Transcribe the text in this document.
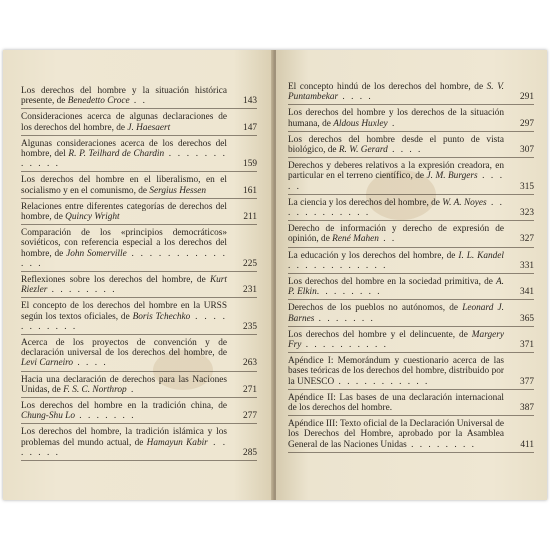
Los derechos del hombre y la situación histórica presente, de Benedetto Croce . .	143
Consideraciones acerca de algunas declaraciones de los derechos del hombre, de J. Haesaert	147
Algunas consideraciones acerca de los derechos del hombre, del R. P. Teilhard de Chardin . . . . . . . . . . . .	159
Los derechos del hombre en el liberalismo, en el socialismo y en el comunismo, de Sergius Hessen	161
Relaciones entre diferentes categorías de derechos del hombre, de Quincy Wright	211
Comparación de los «principios democráticos» soviéticos, con referencia especial a los derechos del hombre, de John Somerville . . . . . . . . . . . . . .	225
Reflexiones sobre los derechos del hombre, de Kurt Riezler . . . . . . . .	231
El concepto de los derechos del hombre en la URSS según los textos oficiales, de Boris Tchechko . . . . . . . . . . .	235
Acerca de los proyectos de convención y de declaración universal de los derechos del hombre, de Levi Carneiro . . . .	263
Hacia una declaración de derechos para las Naciones Unidas, de F. S. C. Northrop .	271
Los derechos del hombre en la tradición china, de Chung-Shu Lo . . . . . . .	277
Los derechos del hombre, la tradición islámica y los problemas del mundo actual, de Hamayun Kabir . . . . . . .	285
El concepto hindú de los derechos del hombre, de S. V. Puntambekar . . . .	291
Los derechos del hombre y los derechos de la situación humana, de Aldous Huxley .	297
Los derechos del hombre desde el punto de vista biológico, de R. W. Gerard . . . .	307
Derechos y deberes relativos a la expresión creadora, en particular en el terreno científico, de J. M. Burgers . . . . .	315
La ciencia y los derechos del hombre, de W. A. Noyes . . . . . . . . . . . .	323
Derecho de información y derecho de expresión de opinión, de René Mahen . .	327
La educación y los derechos del hombre, de I. L. Kandel . . . . . . . . . . . .	331
Los derechos del hombre en la sociedad primitiva, de A. P. Elkin. . . . . . . .	341
Derechos de los pueblos no autónomos, de Leonard J. Barnes . . . . . . .	365
Los derechos del hombre y el delincuente, de Margery Fry . . . . . . . . . .	371
Apéndice I: Memorándum y cuestionario acerca de las bases teóricas de los derechos del hombre, distribuido por la UNESCO . . . . . . . . . . .	377
Apéndice II: Las bases de una declaración internacional de los derechos del hombre.	387
Apéndice III: Texto oficial de la Declaración Universal de los Derechos del Hombre, aprobado por la Asamblea General de las Naciones Unidas . . . . . . . .	411
